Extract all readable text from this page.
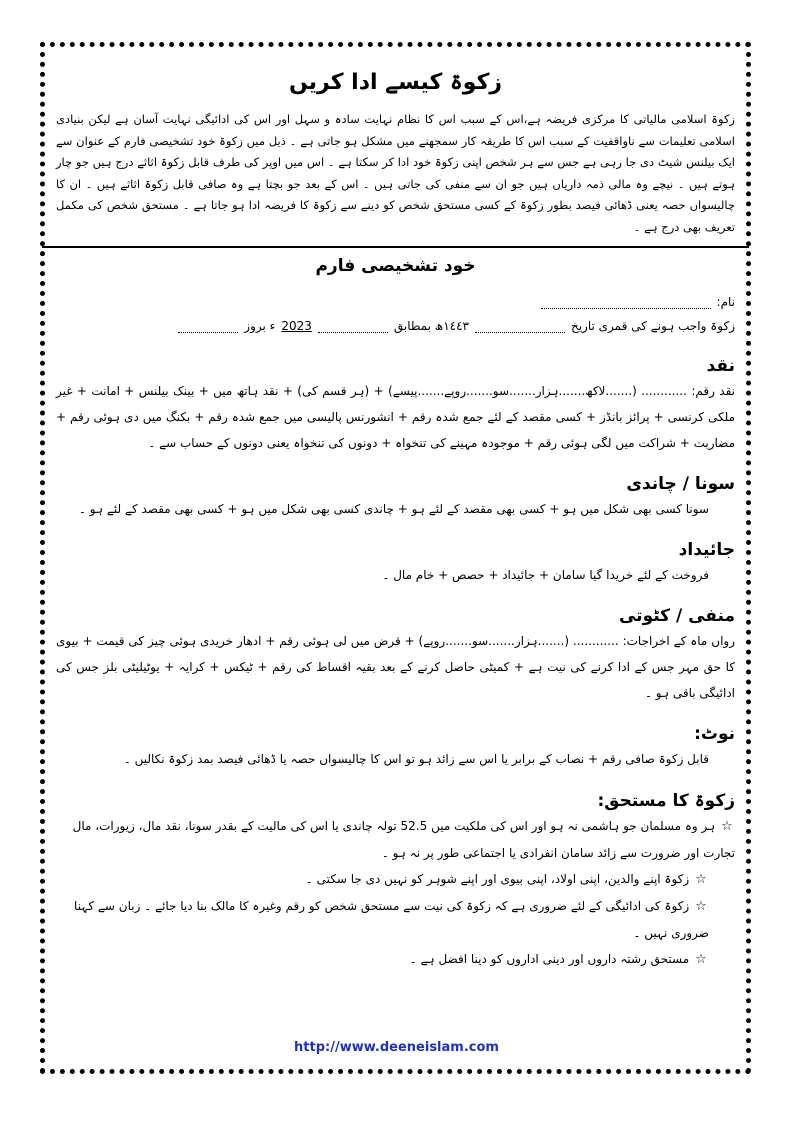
زکوۃ کیسے ادا کریں

زکوۃ اسلامی مالیاتی کا مرکزی فریضہ ہے،اس کے سبب اس کا نظام نہایت سادہ و سہل اور اس کی ادائیگی نہایت آسان ہے لیکن بنیادی اسلامی تعلیمات سے ناواقفیت کے سبب اس کا طریقہ کار سمجھنے میں مشکل ہو جاتی ہے ۔ ذیل میں زکوۃ خود تشخیصی فارم کے عنوان سے ایک بیلنس شیٹ دی جا رہی ہے جس سے ہر شخص اپنی زکوۃ خود ادا کر سکتا ہے ۔ اس میں اوپر کی طرف قابل زکوۃ اثاثے درج ہیں جو چار ہوتے ہیں ۔ نیچے وہ مالی ذمہ داریاں ہیں جو ان سے منفی کی جاتی ہیں ۔ اس کے بعد جو بچتا ہے وہ صافی قابل زکوۃ اثاثے ہیں ۔ ان کا چالیسواں حصہ یعنی ڈھائی فیصد بطور زکوۃ کے کسی مستحق شخص کو دینے سے زکوۃ کا فریضہ ادا ہو جاتا ہے ۔ مستحق شخص کی مکمل تعریف بھی درج ہے ۔

خود تشخیصی فارم
نام:
زکوۃ واجب ہونے کی قمری تاریخ
١٤٤٣ھ بمطابق
2023
ء بروز
نقد

نقد رقم: ............ (.......لاکھ.......ہزار.......سو.......روپے.......پیسے) + (ہر قسم کی) + نقد ہاتھ میں + بینک بیلنس + امانت + غیر ملکی کرنسی + پرائز بانڈز + کسی مقصد کے لئے جمع شدہ رقم + انشورنس پالیسی میں جمع شدہ رقم + بکنگ میں دی ہوئی رقم + مضاربت + شراکت میں لگی ہوئی رقم + موجودہ مہینے کی تنخواہ + دونوں کی تنخواہ یعنی دونوں کے حساب سے ۔

سونا / چاندی

سونا کسی بھی شکل میں ہو + کسی بھی مقصد کے لئے ہو + چاندی کسی بھی شکل میں ہو + کسی بھی مقصد کے لئے ہو ۔

جائیداد

فروخت کے لئے خریدا گیا سامان + جائیداد + حصص + خام مال ۔

منفی / کٹوتی

رواں ماہ کے اخراجات: ............ (.......ہزار.......سو.......روپے) + قرض میں لی ہوئی رقم + ادھار خریدی ہوئی چیز کی قیمت + بیوی کا حق مہر جس کے ادا کرنے کی نیت ہے + کمیٹی حاصل کرنے کے بعد بقیہ اقساط کی رقم + ٹیکس + کرایہ + یوٹیلیٹی بلز جس کی ادائیگی باقی ہو ۔

نوٹ:

قابل زکوۃ صافی رقم + نصاب کے برابر یا اس سے زائد ہو تو اس کا چالیسواں حصہ یا ڈھائی فیصد بمد زکوۃ نکالیں ۔

زکوۃ کا مستحق:

☆ ہر وہ مسلمان جو ہاشمی نہ ہو اور اس کی ملکیت میں 52.5 تولہ چاندی یا اس کی مالیت کے بقدر سونا، نقد مال، زیورات، مال تجارت اور ضرورت سے زائد سامان انفرادی یا اجتماعی طور پر نہ ہو ۔

☆ زکوۃ اپنے والدین، اپنی اولاد، اپنی بیوی اور اپنے شوہر کو نہیں دی جا سکتی ۔

☆ زکوۃ کی ادائیگی کے لئے ضروری ہے کہ زکوۃ کی نیت سے مستحق شخص کو رقم وغیرہ کا مالک بنا دیا جائے ۔ زبان سے کہنا ضروری نہیں ۔

☆ مستحق رشتہ داروں اور دینی اداروں کو دینا افضل ہے ۔

http://www.deeneislam.com
